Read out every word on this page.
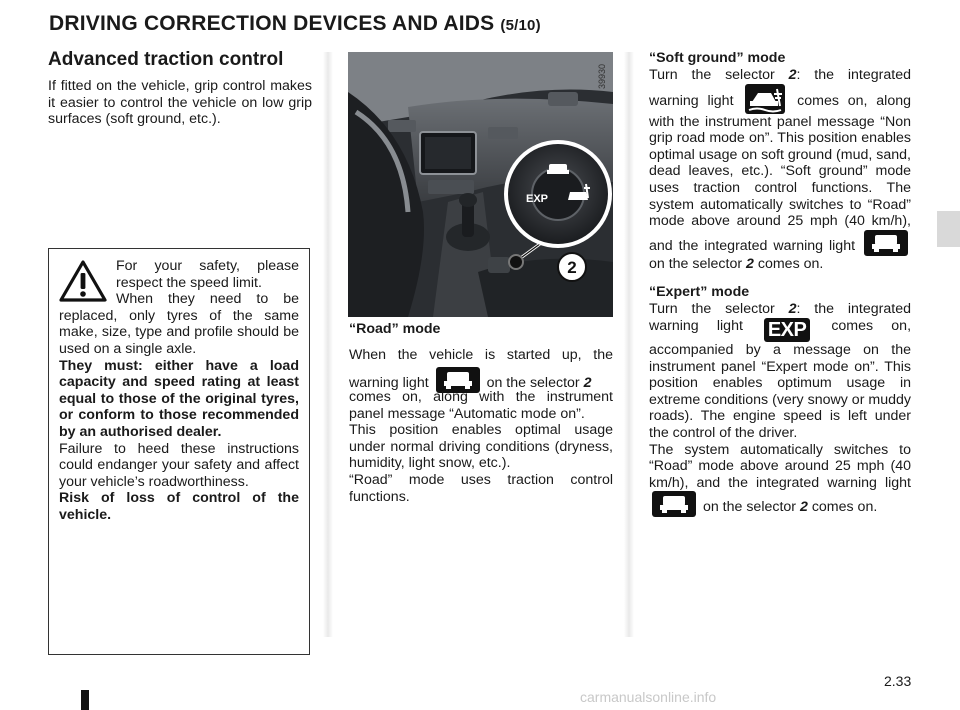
DRIVING CORRECTION DEVICES AND AIDS (5/10)
Advanced traction control

If fitted on the vehicle, grip control makes it easier to control the vehicle on low grip surfaces (soft ground, etc.).

For your safety, please respect the speed limit.

When they need to be replaced, only tyres of the same make, size, type and profile should be used on a single axle.

They must: either have a load capacity and speed rating at least equal to those of the original tyres, or conform to those recommended by an authorised dealer.

Failure to heed these instructions could endanger your safety and affect your vehicle’s roadworthiness.

Risk of loss of control of the vehicle.

EXP
2
39930

“Road” mode

When the vehicle is started up, the warning light	on the selector 2

comes on, along with the instrument panel message “Automatic mode on”.

This position enables optimal usage under normal driving conditions (dryness, humidity, light snow, etc.).

“Road” mode uses traction control functions.

“Soft ground” mode

Turn the selector 2: the integrated warning light	comes on, along with the instrument panel message “Non grip road mode on”. This position enables optimal usage on soft ground (mud, sand, dead leaves, etc.). “Soft ground” mode uses traction control functions. The system automatically switches to “Road” mode above around 25 mph (40 km/h), and the integrated warning light
on the selector 2 comes on.

“Expert” mode

Turn the selector 2: the integrated warning light EXP comes on, accompanied by a message on the instrument panel “Expert mode on”. This position enables optimum usage in extreme conditions (very snowy or muddy roads). The engine speed is left under the control of the driver.

The system automatically switches to “Road” mode above around 25 mph (40 km/h), and the integrated warning light
on the selector 2 comes on.

2.33
carmanualsonline.info
